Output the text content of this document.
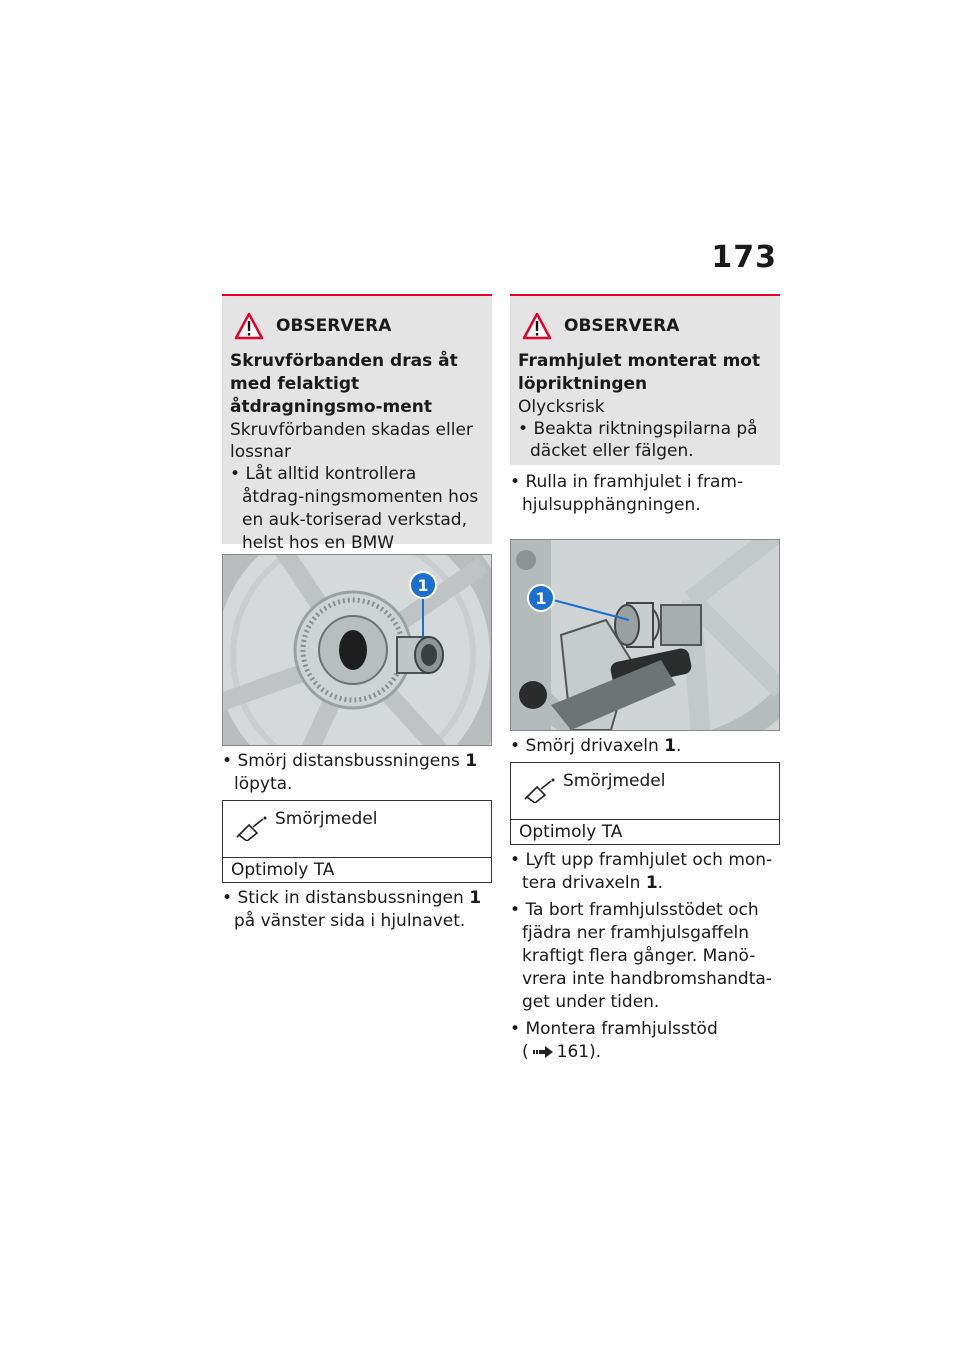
173
OBSERVERA
Skruvförbanden dras åt med felaktigt åtdragningsmo-ment
Skruvförbanden skadas eller lossnar
• Låt alltid kontrollera åtdrag-ningsmomenten hos en auk-toriserad verkstad, helst hos en BMW
1
• Smörj distansbussningens 1
löpyta.
Smörjmedel
Optimoly TA
• Stick in distansbussningen 1
på vänster sida i hjulnavet.
OBSERVERA
Framhjulet monterat mot löpriktningen
Olycksrisk
• Beakta riktningspilarna på däcket eller fälgen.
• Rulla in framhjulet i fram-hjulsupphängningen.
1
• Smörj drivaxeln 1.
Smörjmedel
Optimoly TA
• Lyft upp framhjulet och mon-tera drivaxeln 1.
• Ta bort framhjulsstödet och fjädra ner framhjulsgaffeln kraftigt flera gånger. Manö-vrera inte handbromshandta-get under tiden.
• Montera framhjulsstöd
( 161).
